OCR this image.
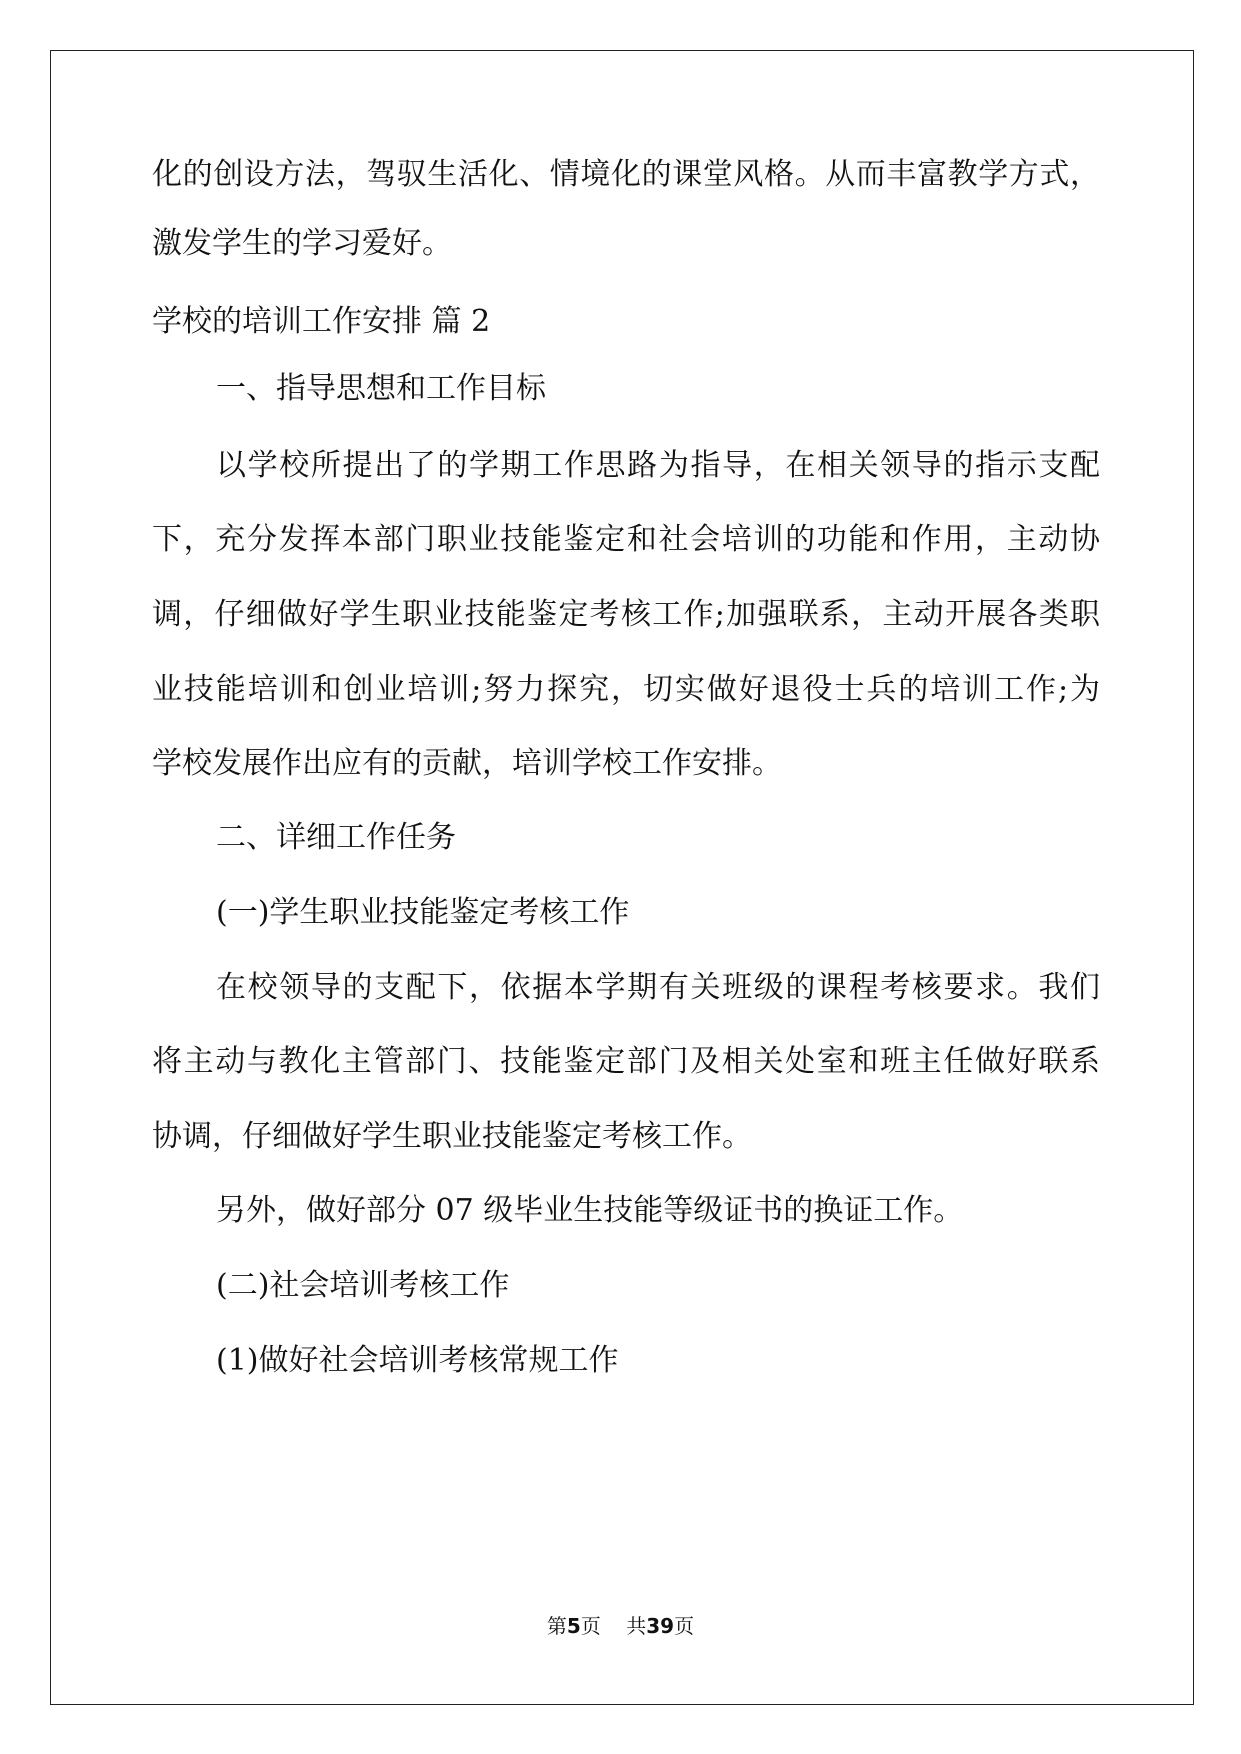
化的创设方法，驾驭生活化、情境化的课堂风格。从而丰富教学方式，

激发学生的学习爱好。

学校的培训工作安排 篇 2

一、指导思想和工作目标

以学校所提出了的学期工作思路为指导，在相关领导的指示支配

下，充分发挥本部门职业技能鉴定和社会培训的功能和作用，主动协

调，仔细做好学生职业技能鉴定考核工作;加强联系，主动开展各类职

业技能培训和创业培训;努力探究，切实做好退役士兵的培训工作;为

学校发展作出应有的贡献，培训学校工作安排。

二、详细工作任务

(一)学生职业技能鉴定考核工作

在校领导的支配下，依据本学期有关班级的课程考核要求。我们

将主动与教化主管部门、技能鉴定部门及相关处室和班主任做好联系

协调，仔细做好学生职业技能鉴定考核工作。

另外，做好部分 07 级毕业生技能等级证书的换证工作。

(二)社会培训考核工作

(1)做好社会培训考核常规工作

第5页    共39页
